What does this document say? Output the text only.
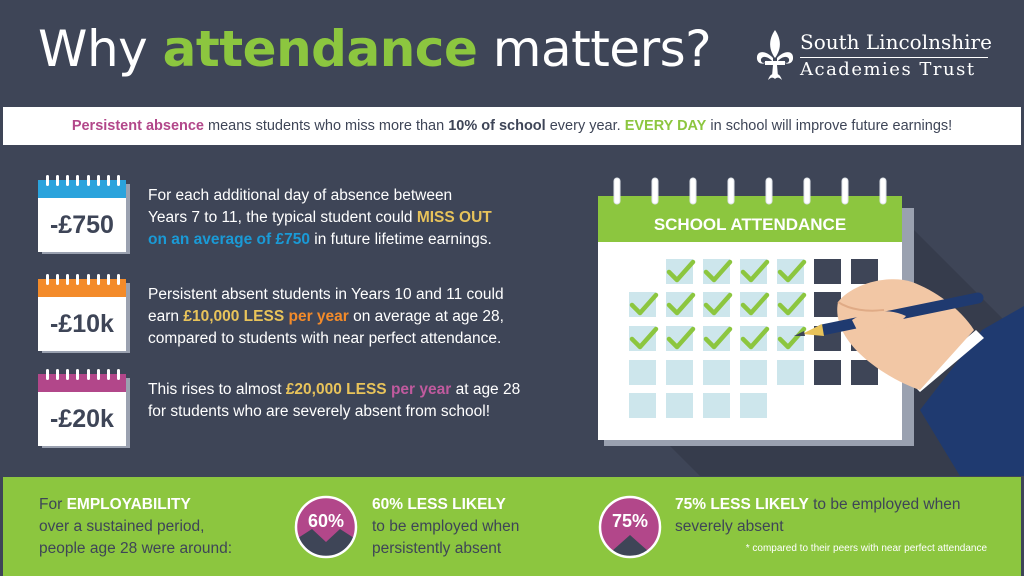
Why attendance matters?	South Lincolnshire
Academies Trust
Persistent absence
means students who miss more than
10% of school
every year.
EVERY DAY
in school will improve future earnings!
-£750
For each additional day of absence between
Years 7 to 11, the typical student could MISS OUT
on an average of £750 in future lifetime earnings.
-£10k
Persistent absent students in Years 10 and 11 could
earn £10,000 LESS per year on average at age 28,
compared to students with near perfect attendance.
-£20k
This rises to almost £20,000 LESS per year at age 28
for students who are severely absent from school!
SCHOOL ATTENDANCE
For EMPLOYABILITY
over a sustained period,
people age 28 were around:
60%
60% LESS LIKELY
to be employed when
persistently absent
75%
75% LESS LIKELY to be employed when
severely absent
* compared to their peers with near perfect attendance
